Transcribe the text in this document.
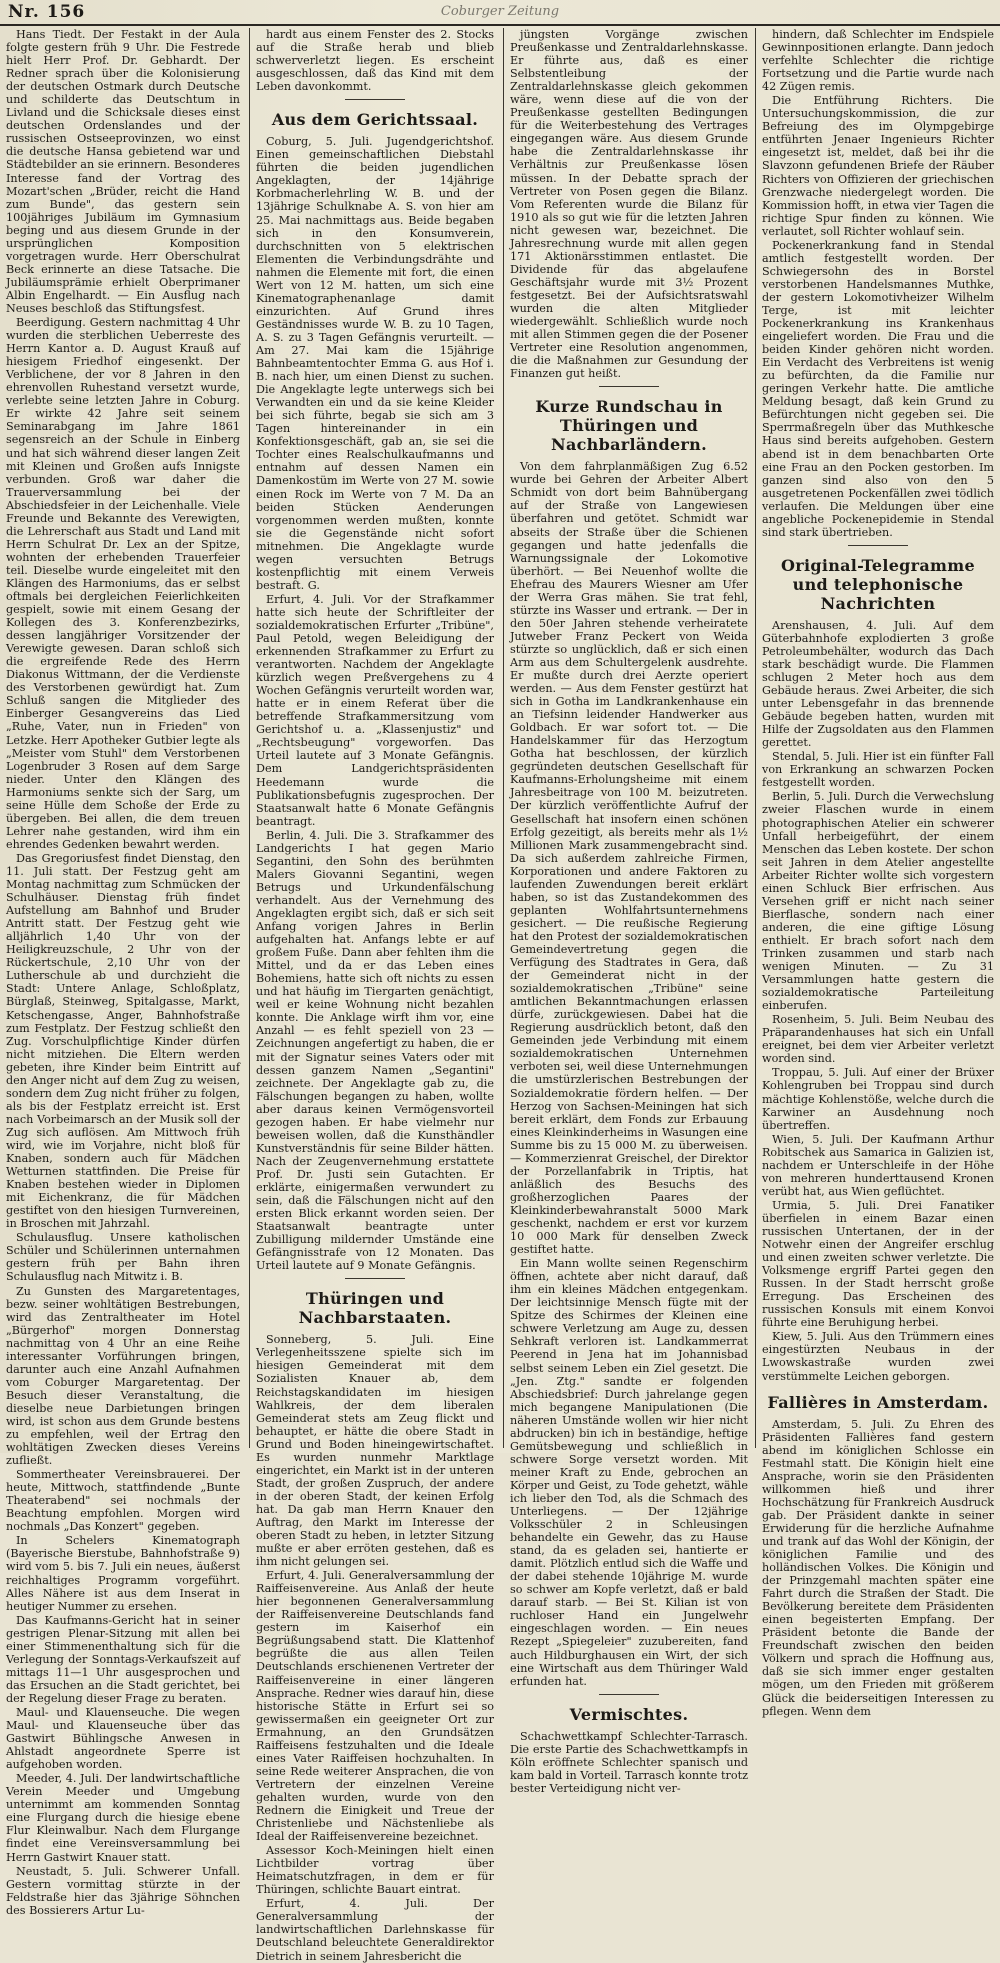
Nr. 156	Coburger Zeitung

Hans Tiedt. Der Festakt in der Aula folgte gestern früh 9 Uhr. Die Festrede hielt Herr Prof. Dr. Gebhardt. Der Redner sprach über die Kolonisierung der deutschen Ostmark durch Deutsche und schilderte das Deutschtum in Livland und die Schicksale dieses einst deutschen Ordenslandes und der russischen Ostseeprovinzen, wo einst die deutsche Hansa gebietend war und Städtebilder an sie erinnern. Besonderes Interesse fand der Vortrag des Mozart'schen „Brüder, reicht die Hand zum Bunde", das gestern sein 100jähriges Jubiläum im Gymnasium beging und aus diesem Grunde in der ursprünglichen Komposition vorgetragen wurde. Herr Oberschulrat Beck erinnerte an diese Tatsache. Die Jubiläumsprämie erhielt Oberprimaner Albin Engelhardt. — Ein Ausflug nach Neuses beschloß das Stiftungsfest.

Beerdigung. Gestern nachmittag 4 Uhr wurden die sterblichen Ueberreste des Herrn Kantor a. D. August Krauß auf hiesigem Friedhof eingesenkt. Der Verblichene, der vor 8 Jahren in den ehrenvollen Ruhestand versetzt wurde, verlebte seine letzten Jahre in Coburg. Er wirkte 42 Jahre seit seinem Seminarabgang im Jahre 1861 segensreich an der Schule in Einberg und hat sich während dieser langen Zeit mit Kleinen und Großen aufs Innigste verbunden. Groß war daher die Trauerversammlung bei der Abschiedsfeier in der Leichenhalle. Viele Freunde und Bekannte des Verewigten, die Lehrerschaft aus Stadt und Land mit Herrn Schulrat Dr. Lex an der Spitze, wohnten der erhebenden Trauerfeier teil. Dieselbe wurde eingeleitet mit den Klängen des Harmoniums, das er selbst oftmals bei dergleichen Feierlichkeiten gespielt, sowie mit einem Gesang der Kollegen des 3. Konferenzbezirks, dessen langjähriger Vorsitzender der Verewigte gewesen. Daran schloß sich die ergreifende Rede des Herrn Diakonus Wittmann, der die Verdienste des Verstorbenen gewürdigt hat. Zum Schluß sangen die Mitglieder des Einberger Gesangvereins das Lied „Ruhe, Vater, nun in Frieden" von Letzke. Herr Apotheker Gutbier legte als „Meister vom Stuhl" dem Verstorbenen Logenbruder 3 Rosen auf dem Sarge nieder. Unter den Klängen des Harmoniums senkte sich der Sarg, um seine Hülle dem Schoße der Erde zu übergeben. Bei allen, die dem treuen Lehrer nahe gestanden, wird ihm ein ehrendes Gedenken bewahrt werden.

Das Gregoriusfest findet Dienstag, den 11. Juli statt. Der Festzug geht am Montag nachmittag zum Schmücken der Schulhäuser. Dienstag früh findet Aufstellung am Bahnhof und Bruder Antritt statt. Der Festzug geht wie alljährlich 1,40 Uhr von der Heiligkreuzschule, 2 Uhr von der Rückertschule, 2,10 Uhr von der Lutherschule ab und durchzieht die Stadt: Untere Anlage, Schloßplatz, Bürglaß, Steinweg, Spitalgasse, Markt, Ketschengasse, Anger, Bahnhofstraße zum Festplatz. Der Festzug schließt den Zug. Vorschulpflichtige Kinder dürfen nicht mitziehen. Die Eltern werden gebeten, ihre Kinder beim Eintritt auf den Anger nicht auf dem Zug zu weisen, sondern dem Zug nicht früher zu folgen, als bis der Festplatz erreicht ist. Erst nach Vorbeimarsch an der Musik soll der Zug sich auflösen. Am Mittwoch früh wird, wie im Vorjahre, nicht bloß für Knaben, sondern auch für Mädchen Wetturnen stattfinden. Die Preise für Knaben bestehen wieder in Diplomen mit Eichenkranz, die für Mädchen gestiftet von den hiesigen Turnvereinen, in Broschen mit Jahrzahl.

Schulausflug. Unsere katholischen Schüler und Schülerinnen unternahmen gestern früh per Bahn ihren Schulausflug nach Mitwitz i. B.

Zu Gunsten des Margaretentages, bezw. seiner wohltätigen Bestrebungen, wird das Zentraltheater im Hotel „Bürgerhof" morgen Donnerstag nachmittag von 4 Uhr an eine Reihe interessanter Vorführungen bringen, darunter auch eine Anzahl Aufnahmen vom Coburger Margaretentag. Der Besuch dieser Veranstaltung, die dieselbe neue Darbietungen bringen wird, ist schon aus dem Grunde bestens zu empfehlen, weil der Ertrag den wohltätigen Zwecken dieses Vereins zufließt.

Sommertheater Vereinsbrauerei. Der heute, Mittwoch, stattfindende „Bunte Theaterabend" sei nochmals der Beachtung empfohlen. Morgen wird nochmals „Das Konzert" gegeben.

In Schelers Kinematograph (Bayerische Bierstube, Bahnhofstraße 9) wird vom 5. bis 7. Juli ein neues, äußerst reichhaltiges Programm vorgeführt. Alles Nähere ist aus dem Inserat in heutiger Nummer zu ersehen.

Das Kaufmanns-Gericht hat in seiner gestrigen Plenar-Sitzung mit allen bei einer Stimmenenthaltung sich für die Verlegung der Sonntags-Verkaufszeit auf mittags 11—1 Uhr ausgesprochen und das Ersuchen an die Stadt gerichtet, bei der Regelung dieser Frage zu beraten.

Maul- und Klauenseuche. Die wegen Maul- und Klauenseuche über das Gastwirt Bühlingsche Anwesen in Ahlstadt angeordnete Sperre ist aufgehoben worden.

Meeder, 4. Juli. Der landwirtschaftliche Verein Meeder und Umgebung unternimmt am kommenden Sonntag eine Flurgang durch die hiesige ebene Flur Kleinwalbur. Nach dem Flurgange findet eine Vereinsversammlung bei Herrn Gastwirt Knauer statt.

Neustadt, 5. Juli. Schwerer Unfall. Gestern vormittag stürzte in der Feldstraße hier das 3jährige Söhnchen des Bossierers Artur Lu-

hardt aus einem Fenster des 2. Stocks auf die Straße herab und blieb schwerverletzt liegen. Es erscheint ausgeschlossen, daß das Kind mit dem Leben davonkommt.

Aus dem Gerichtssaal.

Coburg, 5. Juli. Jugendgerichtshof. Einen gemeinschaftlichen Diebstahl führten die beiden jugendlichen Angeklagten, der 14jährige Korbmacherlehrling W. B. und der 13jährige Schulknabe A. S. von hier am 25. Mai nachmittags aus. Beide begaben sich in den Konsumverein, durchschnitten von 5 elektrischen Elementen die Verbindungsdrähte und nahmen die Elemente mit fort, die einen Wert von 12 M. hatten, um sich eine Kinematographenanlage damit einzurichten. Auf Grund ihres Geständnisses wurde W. B. zu 10 Tagen, A. S. zu 3 Tagen Gefängnis verurteilt. — Am 27. Mai kam die 15jährige Bahnbeamtentochter Emma G. aus Hof i. B. nach hier, um einen Dienst zu suchen. Die Angeklagte legte unterwegs sich bei Verwandten ein und da sie keine Kleider bei sich führte, begab sie sich am 3 Tagen hintereinander in ein Konfektionsgeschäft, gab an, sie sei die Tochter eines Realschulkaufmanns und entnahm auf dessen Namen ein Damenkostüm im Werte von 27 M. sowie einen Rock im Werte von 7 M. Da an beiden Stücken Aenderungen vorgenommen werden mußten, konnte sie die Gegenstände nicht sofort mitnehmen. Die Angeklagte wurde wegen versuchten Betrugs kostenpflichtig mit einem Verweis bestraft. G.

Erfurt, 4. Juli. Vor der Strafkammer hatte sich heute der Schriftleiter der sozialdemokratischen Erfurter „Tribüne", Paul Petold, wegen Beleidigung der erkennenden Strafkammer zu Erfurt zu verantworten. Nachdem der Angeklagte kürzlich wegen Preßvergehens zu 4 Wochen Gefängnis verurteilt worden war, hatte er in einem Referat über die betreffende Strafkammersitzung vom Gerichtshof u. a. „Klassenjustiz" und „Rechtsbeugung" vorgeworfen. Das Urteil lautete auf 3 Monate Gefängnis. Dem Landgerichtspräsidenten Heedemann wurde die Publikationsbefugnis zugesprochen. Der Staatsanwalt hatte 6 Monate Gefängnis beantragt.

Berlin, 4. Juli. Die 3. Strafkammer des Landgerichts I hat gegen Mario Segantini, den Sohn des berühmten Malers Giovanni Segantini, wegen Betrugs und Urkundenfälschung verhandelt. Aus der Vernehmung des Angeklagten ergibt sich, daß er sich seit Anfang vorigen Jahres in Berlin aufgehalten hat. Anfangs lebte er auf großem Fuße. Dann aber fehlten ihm die Mittel, und da er das Leben eines Bohemiens, hatte sich oft nichts zu essen und hat häufig im Tiergarten genächtigt, weil er keine Wohnung nicht bezahlen konnte. Die Anklage wirft ihm vor, eine Anzahl — es fehlt speziell von 23 — Zeichnungen angefertigt zu haben, die er mit der Signatur seines Vaters oder mit dessen ganzem Namen „Segantini" zeichnete. Der Angeklagte gab zu, die Fälschungen begangen zu haben, wollte aber daraus keinen Vermögensvorteil gezogen haben. Er habe vielmehr nur beweisen wollen, daß die Kunsthändler Kunstverständnis für seine Bilder hätten. Nach der Zeugenvernehmung erstattete Prof. Dr. Justi sein Gutachten. Er erklärte, einigermaßen verwundert zu sein, daß die Fälschungen nicht auf den ersten Blick erkannt worden seien. Der Staatsanwalt beantragte unter Zubilligung mildernder Umstände eine Gefängnisstrafe von 12 Monaten. Das Urteil lautete auf 9 Monate Gefängnis.

Thüringen und Nachbarstaaten.

Sonneberg, 5. Juli. Eine Verlegenheitsszene spielte sich im hiesigen Gemeinderat mit dem Sozialisten Knauer ab, dem Reichstagskandidaten im hiesigen Wahlkreis, der dem liberalen Gemeinderat stets am Zeug flickt und behauptet, er hätte die obere Stadt in Grund und Boden hineingewirtschaftet. Es wurden nunmehr Marktlage eingerichtet, ein Markt ist in der unteren Stadt, der großen Zuspruch, der andere in der oberen Stadt, der keinen Erfolg hat. Da gab man Herrn Knauer den Auftrag, den Markt im Interesse der oberen Stadt zu heben, in letzter Sitzung mußte er aber erröten gestehen, daß es ihm nicht gelungen sei.

Erfurt, 4. Juli. Generalversammlung der Raiffeisenvereine. Aus Anlaß der heute hier begonnenen Generalversammlung der Raiffeisenvereine Deutschlands fand gestern im Kaiserhof ein Begrüßungsabend statt. Die Klattenhof begrüßte die aus allen Teilen Deutschlands erschienenen Vertreter der Raiffeisenvereine in einer längeren Ansprache. Redner wies darauf hin, diese historische Stätte in Erfurt sei so gewissermaßen ein geeigneter Ort zur Ermahnung, an den Grundsätzen Raiffeisens festzuhalten und die Ideale eines Vater Raiffeisen hochzuhalten. In seine Rede weiterer Ansprachen, die von Vertretern der einzelnen Vereine gehalten wurden, wurde von den Rednern die Einigkeit und Treue der Christenliebe und Nächstenliebe als Ideal der Raiffeisenvereine bezeichnet.

Assessor Koch-Meiningen hielt einen Lichtbilder vortrag über Heimatschutzfragen, in dem er für Thüringen, schlichte Bauart eintrat.

Erfurt, 4. Juli. Der Generalversammlung der landwirtschaftlichen Darlehnskasse für Deutschland beleuchtete Generaldirektor Dietrich in seinem Jahresbericht die

jüngsten Vorgänge zwischen Preußenkasse und Zentraldarlehnskasse. Er führte aus, daß es einer Selbstentleibung der Zentraldarlehnskasse gleich gekommen wäre, wenn diese auf die von der Preußenkasse gestellten Bedingungen für die Weiterbestehung des Vertrages eingegangen wäre. Aus diesem Grunde habe die Zentraldarlehnskasse ihr Verhältnis zur Preußenkasse lösen müssen. In der Debatte sprach der Vertreter von Posen gegen die Bilanz. Vom Referenten wurde die Bilanz für 1910 als so gut wie für die letzten Jahren nicht gewesen war, bezeichnet. Die Jahresrechnung wurde mit allen gegen 171 Aktionärsstimmen entlastet. Die Dividende für das abgelaufene Geschäftsjahr wurde mit 3½ Prozent festgesetzt. Bei der Aufsichtsratswahl wurden die alten Mitglieder wiedergewählt. Schließlich wurde noch mit allen Stimmen gegen die der Posener Vertreter eine Resolution angenommen, die die Maßnahmen zur Gesundung der Finanzen gut heißt.

Kurze Rundschau in Thüringen und Nachbarländern.

Von dem fahrplanmäßigen Zug 6.52 wurde bei Gehren der Arbeiter Albert Schmidt von dort beim Bahnübergang auf der Straße von Langewiesen überfahren und getötet. Schmidt war abseits der Straße über die Schienen gegangen und hatte jedenfalls die Warnungssignale der Lokomotive überhört. — Bei Neuenhof wollte die Ehefrau des Maurers Wiesner am Ufer der Werra Gras mähen. Sie trat fehl, stürzte ins Wasser und ertrank. — Der in den 50er Jahren stehende verheiratete Jutweber Franz Peckert von Weida stürzte so unglücklich, daß er sich einen Arm aus dem Schultergelenk ausdrehte. Er mußte durch drei Aerzte operiert werden. — Aus dem Fenster gestürzt hat sich in Gotha im Landkrankenhause ein an Tiefsinn leidender Handwerker aus Goldbach. Er war sofort tot. — Die Handelskammer für das Herzogtum Gotha hat beschlossen, der kürzlich gegründeten deutschen Gesellschaft für Kaufmanns-Erholungsheime mit einem Jahresbeitrage von 100 M. beizutreten. Der kürzlich veröffentlichte Aufruf der Gesellschaft hat insofern einen schönen Erfolg gezeitigt, als bereits mehr als 1½ Millionen Mark zusammengebracht sind. Da sich außerdem zahlreiche Firmen, Korporationen und andere Faktoren zu laufenden Zuwendungen bereit erklärt haben, so ist das Zustandekommen des geplanten Wohlfahrtsunternehmens gesichert. — Die reußische Regierung hat den Protest der sozialdemokratischen Gemeindevertretung gegen die Verfügung des Stadtrates in Gera, daß der Gemeinderat nicht in der sozialdemokratischen „Tribüne" seine amtlichen Bekanntmachungen erlassen dürfe, zurückgewiesen. Dabei hat die Regierung ausdrücklich betont, daß den Gemeinden jede Verbindung mit einem sozialdemokratischen Unternehmen verboten sei, weil diese Unternehmungen die umstürzlerischen Bestrebungen der Sozialdemokratie fördern helfen. — Der Herzog von Sachsen-Meiningen hat sich bereit erklärt, dem Fonds zur Erbauung eines Kleinkinderheims in Wasungen eine Summe bis zu 15 000 M. zu überweisen. — Kommerzienrat Greischel, der Direktor der Porzellanfabrik in Triptis, hat anläßlich des Besuchs des großherzoglichen Paares der Kleinkinderbewahranstalt 5000 Mark geschenkt, nachdem er erst vor kurzem 10 000 Mark für denselben Zweck gestiftet hatte.

Ein Mann wollte seinen Regenschirm öffnen, achtete aber nicht darauf, daß ihm ein kleines Mädchen entgegenkam. Der leichtsinnige Mensch fügte mit der Spitze des Schirmes der Kleinen eine schwere Verletzung am Auge zu, dessen Sehkraft verloren ist. Landkammerrat Peerend in Jena hat im Johannisbad selbst seinem Leben ein Ziel gesetzt. Die „Jen. Ztg." sandte er folgenden Abschiedsbrief: Durch jahrelange gegen mich begangene Manipulationen (Die näheren Umstände wollen wir hier nicht abdrucken) bin ich in beständige, heftige Gemütsbewegung und schließlich in schwere Sorge versetzt worden. Mit meiner Kraft zu Ende, gebrochen an Körper und Geist, zu Tode gehetzt, wähle ich lieber den Tod, als die Schmach des Unterliegens. — Der 12jährige Volksschüler 2 in Schleusingen behandelte ein Gewehr, das zu Hause stand, da es geladen sei, hantierte er damit. Plötzlich entlud sich die Waffe und der dabei stehende 10jährige M. wurde so schwer am Kopfe verletzt, daß er bald darauf starb. — Bei St. Kilian ist von ruchloser Hand ein Jungelwehr eingeschlagen worden. — Ein neues Rezept „Spiegeleier" zuzubereiten, fand auch Hildburghausen ein Wirt, der sich eine Wirtschaft aus dem Thüringer Wald erfunden hat.

Vermischtes.

Schachwettkampf Schlechter-Tarrasch. Die erste Partie des Schachwettkampfs in Köln eröffnete Schlechter spanisch und kam bald in Vorteil. Tarrasch konnte trotz bester Verteidigung nicht ver-

hindern, daß Schlechter im Endspiele Gewinnpositionen erlangte. Dann jedoch verfehlte Schlechter die richtige Fortsetzung und die Partie wurde nach 42 Zügen remis.

Die Entführung Richters. Die Untersuchungskommission, die zur Befreiung des im Olympgebirge entführten Jenaer Ingenieurs Richter eingesetzt ist, meldet, daß bei ihr die Slavzonn gefundenen Briefe der Räuber Richters von Offizieren der griechischen Grenzwache niedergelegt worden. Die Kommission hofft, in etwa vier Tagen die richtige Spur finden zu können. Wie verlautet, soll Richter wohlauf sein.

Pockenerkrankung fand in Stendal amtlich festgestellt worden. Der Schwiegersohn des in Borstel verstorbenen Handelsmannes Muthke, der gestern Lokomotivheizer Wilhelm Terge, ist mit leichter Pockenerkrankung ins Krankenhaus eingeliefert worden. Die Frau und die beiden Kinder gehören nicht worden. Ein Verdacht des Verbreitens ist wenig zu befürchten, da die Familie nur geringen Verkehr hatte. Die amtliche Meldung besagt, daß kein Grund zu Befürchtungen nicht gegeben sei. Die Sperrmaßregeln über das Muthkesche Haus sind bereits aufgehoben. Gestern abend ist in dem benachbarten Orte eine Frau an den Pocken gestorben. Im ganzen sind also von den 5 ausgetretenen Pockenfällen zwei tödlich verlaufen. Die Meldungen über eine angebliche Pockenepidemie in Stendal sind stark übertrieben.

Original-Telegramme und telephonische Nachrichten

Arenshausen, 4. Juli. Auf dem Güterbahnhofe explodierten 3 große Petroleumbehälter, wodurch das Dach stark beschädigt wurde. Die Flammen schlugen 2 Meter hoch aus dem Gebäude heraus. Zwei Arbeiter, die sich unter Lebensgefahr in das brennende Gebäude begeben hatten, wurden mit Hilfe der Zugsoldaten aus den Flammen gerettet.

Stendal, 5. Juli. Hier ist ein fünfter Fall von Erkrankung an schwarzen Pocken festgestellt worden.

Berlin, 5. Juli. Durch die Verwechslung zweier Flaschen wurde in einem photographischen Atelier ein schwerer Unfall herbeigeführt, der einem Menschen das Leben kostete. Der schon seit Jahren in dem Atelier angestellte Arbeiter Richter wollte sich vorgestern einen Schluck Bier erfrischen. Aus Versehen griff er nicht nach seiner Bierflasche, sondern nach einer anderen, die eine giftige Lösung enthielt. Er brach sofort nach dem Trinken zusammen und starb nach wenigen Minuten. — Zu 31 Versammlungen hatte gestern die sozialdemokratische Parteileitung einberufen.

Rosenheim, 5. Juli. Beim Neubau des Präparandenhauses hat sich ein Unfall ereignet, bei dem vier Arbeiter verletzt worden sind.

Troppau, 5. Juli. Auf einer der Brüxer Kohlengruben bei Troppau sind durch mächtige Kohlenstöße, welche durch die Karwiner an Ausdehnung noch übertreffen.

Wien, 5. Juli. Der Kaufmann Arthur Robitschek aus Samarica in Galizien ist, nachdem er Unterschleife in der Höhe von mehreren hunderttausend Kronen verübt hat, aus Wien geflüchtet.

Urmia, 5. Juli. Drei Fanatiker überfielen in einem Bazar einen russischen Untertanen, der in der Notwehr einen der Angreifer erschlug und einen zweiten schwer verletzte. Die Volksmenge ergriff Partei gegen den Russen. In der Stadt herrscht große Erregung. Das Erscheinen des russischen Konsuls mit einem Konvoi führte eine Beruhigung herbei.

Kiew, 5. Juli. Aus den Trümmern eines eingestürzten Neubaus in der Lwowskastraße wurden zwei verstümmelte Leichen geborgen.

Fallières in Amsterdam.

Amsterdam, 5. Juli. Zu Ehren des Präsidenten Fallières fand gestern abend im königlichen Schlosse ein Festmahl statt. Die Königin hielt eine Ansprache, worin sie den Präsidenten willkommen hieß und ihrer Hochschätzung für Frankreich Ausdruck gab. Der Präsident dankte in seiner Erwiderung für die herzliche Aufnahme und trank auf das Wohl der Königin, der königlichen Familie und des holländischen Volkes. Die Königin und der Prinzgemahl machten später eine Fahrt durch die Straßen der Stadt. Die Bevölkerung bereitete dem Präsidenten einen begeisterten Empfang. Der Präsident betonte die Bande der Freundschaft zwischen den beiden Völkern und sprach die Hoffnung aus, daß sie sich immer enger gestalten mögen, um den Frieden mit größerem Glück die beiderseitigen Interessen zu pflegen. Wenn dem
